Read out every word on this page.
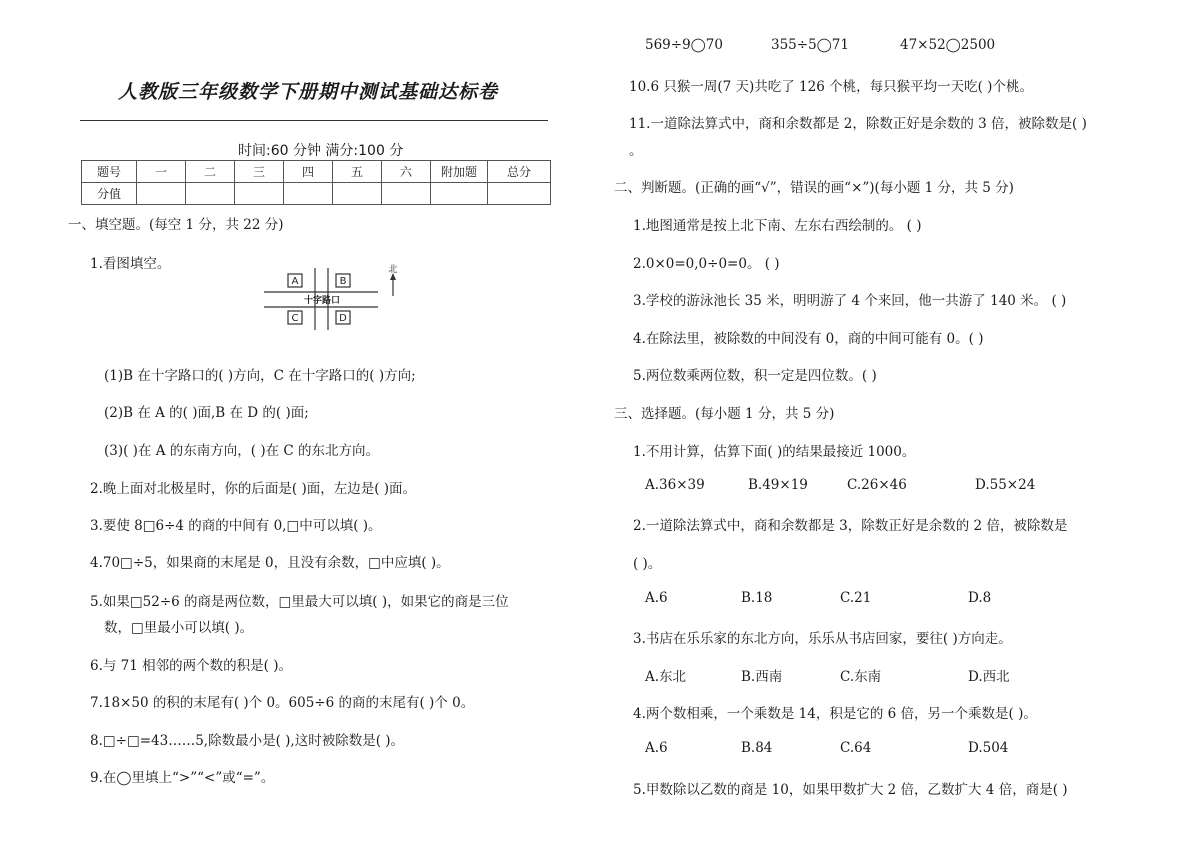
人教版三年级数学下册期中测试基础达标卷
时间:60 分钟 满分:100 分
题号	一	二	三	四	五	六	附加题	总分
分值								
一、填空题。(每空 1 分，共 22 分)
1.看图填空。
A	B
C	D
十字路口
北
(1)B 在十字路口的( )方向，C 在十字路口的( )方向;
(2)B 在 A 的( )面,B 在 D 的( )面;
(3)( )在 A 的东南方向，( )在 C 的东北方向。
2.晚上面对北极星时，你的后面是( )面，左边是( )面。
3.要使 8□6÷4 的商的中间有 0,□中可以填( )。
4.70□÷5，如果商的末尾是 0，且没有余数，□中应填( )。
5.如果□52÷6 的商是两位数，□里最大可以填( )，如果它的商是三位
数，□里最小可以填( )。
6.与 71 相邻的两个数的积是( )。
7.18×50 的积的末尾有( )个 0。605÷6 的商的末尾有( )个 0。
8.□÷□=43……5,除数最小是( ),这时被除数是( )。
9.在◯里填上“>”“<”或“=”。
569÷9◯70	355÷5◯71	47×52◯2500
10.6 只猴一周(7 天)共吃了 126 个桃，每只猴平均一天吃( )个桃。
11.一道除法算式中，商和余数都是 2，除数正好是余数的 3 倍，被除数是( )
。
二、判断题。(正确的画“√”，错误的画“×”)(每小题 1 分，共 5 分)
1.地图通常是按上北下南、左东右西绘制的。 ( )
2.0×0=0,0÷0=0。 ( )
3.学校的游泳池长 35 米，明明游了 4 个来回，他一共游了 140 米。 ( )
4.在除法里，被除数的中间没有 0，商的中间可能有 0。( )
5.两位数乘两位数，积一定是四位数。( )
三、选择题。(每小题 1 分，共 5 分)
1.不用计算，估算下面( )的结果最接近 1000。
A.36×39	B.49×19	C.26×46	D.55×24
2.一道除法算式中，商和余数都是 3，除数正好是余数的 2 倍，被除数是
( )。
A.6	B.18	C.21	D.8
3.书店在乐乐家的东北方向，乐乐从书店回家，要往( )方向走。
A.东北	B.西南	C.东南	D.西北
4.两个数相乘，一个乘数是 14，积是它的 6 倍，另一个乘数是( )。
A.6	B.84	C.64	D.504
5.甲数除以乙数的商是 10，如果甲数扩大 2 倍，乙数扩大 4 倍，商是( )
